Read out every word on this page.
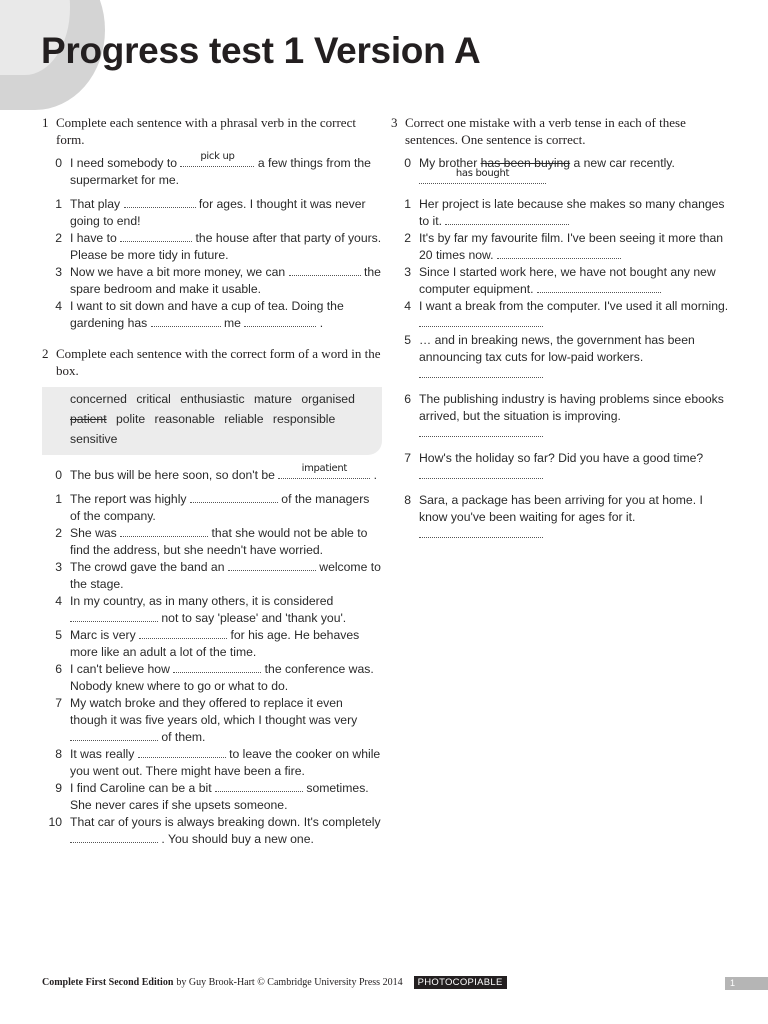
Progress test 1 Version A
1 Complete each sentence with a phrasal verb in the correct form.
0 I need somebody to	pick up	a few things from the supermarket for me.
1 That play	for ages. I thought it was never going to end!
2 I have to	the house after that party of yours. Please be more tidy in future.
3 Now we have a bit more money, we can	the spare bedroom and make it usable.
4 I want to sit down and have a cup of tea. Doing the gardening has	me	.
2 Complete each sentence with the correct form of a word in the box.
concerned critical enthusiastic mature organised patient polite reasonable reliable responsible sensitive
0 The bus will be here soon, so don't be	impatient	.
1 The report was highly	of the managers of the company.
2 She was	that she would not be able to find the address, but she needn't have worried.
3 The crowd gave the band an	welcome to the stage.
4 In my country, as in many others, it is considered  not to say 'please' and 'thank you'.
5 Marc is very	for his age. He behaves more like an adult a lot of the time.
6 I can't believe how	the conference was. Nobody knew where to go or what to do.
7 My watch broke and they offered to replace it even though it was five years old, which I thought was very  of them.
8 It was really	to leave the cooker on while you went out. There might have been a fire.
9 I find Caroline can be a bit	sometimes. She never cares if she upsets someone.
10 That car of yours is always breaking down. It's completely  . You should buy a new one.
3 Correct one mistake with a verb tense in each of these sentences. One sentence is correct.
0 My brother has been buying a new car recently.

has bought
1 Her project is late because she makes so many changes to it.
2 It's by far my favourite film. I've been seeing it more than 20 times now.
3 Since I started work here, we have not bought any new computer equipment.
4 I want a break from the computer. I've used it all morning.
5 … and in breaking news, the government has been announcing tax cuts for low-paid workers.

6 The publishing industry is having problems since ebooks arrived, but the situation is improving.

7 How's the holiday so far? Did you have a good time?

8 Sara, a package has been arriving for you at home. I know you've been waiting for ages for it.

Complete First Second Edition by Guy Brook-Hart © Cambridge University Press 2014	PHOTOCOPIABLE	1
